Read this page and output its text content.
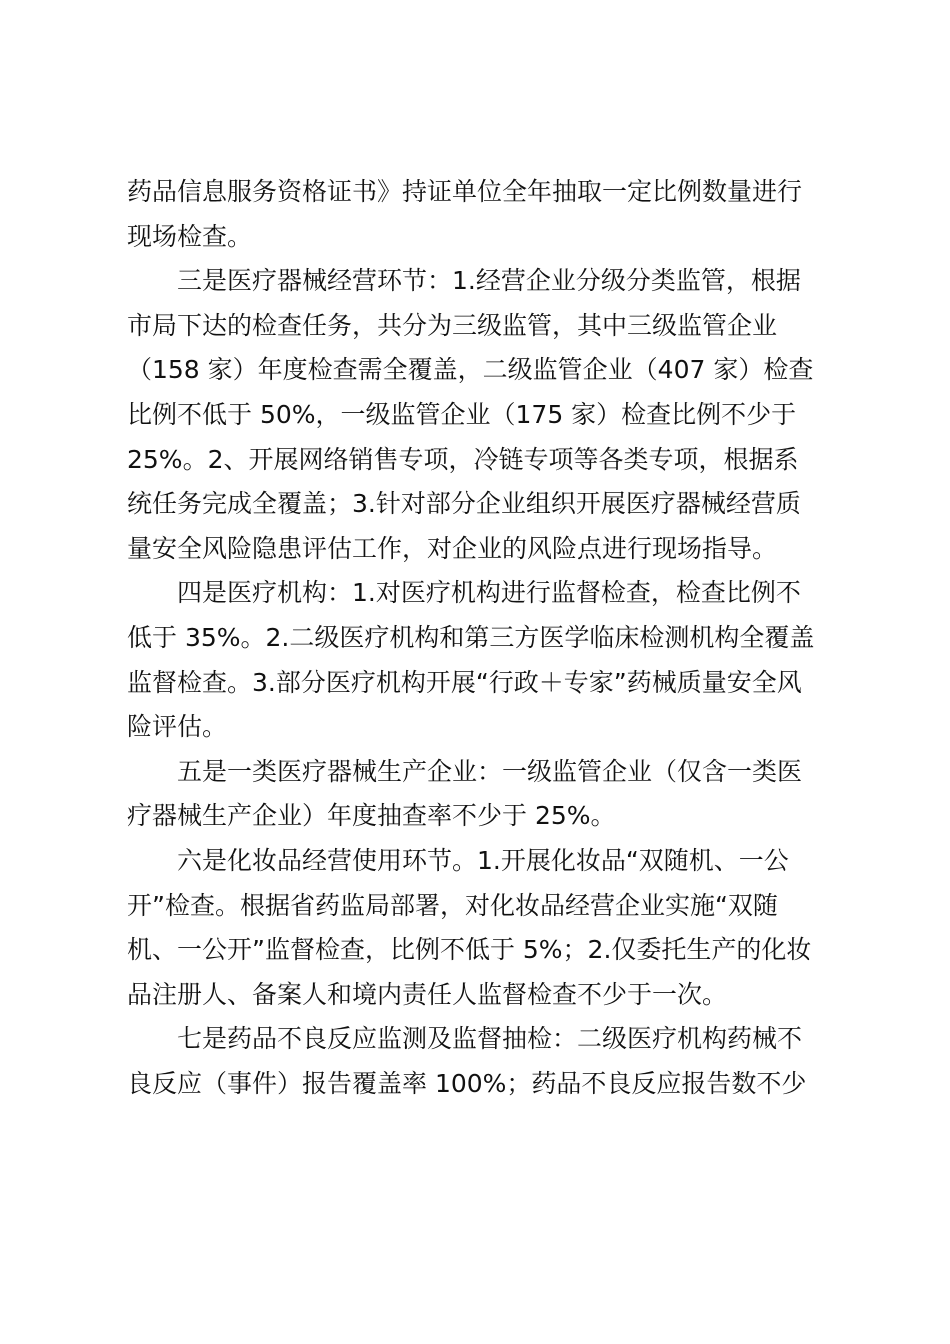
药品信息服务资格证书》持证单位全年抽取一定比例数量进行
现场检查。
三是医疗器械经营环节：1.经营企业分级分类监管，根据
市局下达的检查任务，共分为三级监管，其中三级监管企业
（158 家）年度检查需全覆盖，二级监管企业（407 家）检查
比例不低于 50%，一级监管企业（175 家）检查比例不少于
25%。2、开展网络销售专项，冷链专项等各类专项，根据系
统任务完成全覆盖；3.针对部分企业组织开展医疗器械经营质
量安全风险隐患评估工作，对企业的风险点进行现场指导。
四是医疗机构：1.对医疗机构进行监督检查，检查比例不
低于 35%。2.二级医疗机构和第三方医学临床检测机构全覆盖
监督检查。3.部分医疗机构开展“行政＋专家”药械质量安全风
险评估。
五是一类医疗器械生产企业：一级监管企业（仅含一类医
疗器械生产企业）年度抽查率不少于 25%。
六是化妆品经营使用环节。1.开展化妆品“双随机、一公
开”检查。根据省药监局部署，对化妆品经营企业实施“双随
机、一公开”监督检查，比例不低于 5%；2.仅委托生产的化妆
品注册人、备案人和境内责任人监督检查不少于一次。
七是药品不良反应监测及监督抽检：二级医疗机构药械不
良反应（事件）报告覆盖率 100%；药品不良反应报告数不少
